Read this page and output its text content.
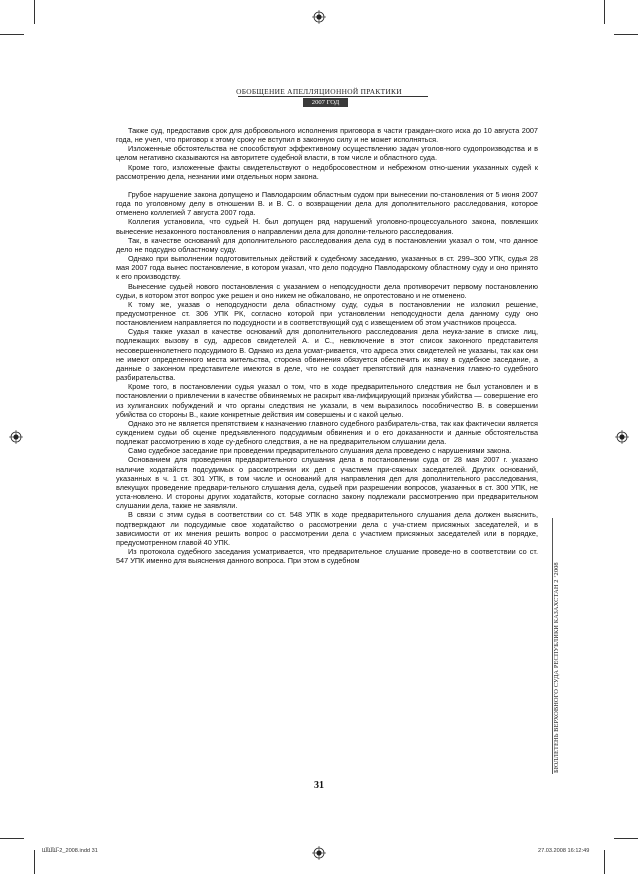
ОБОБЩЕНИЕ АПЕЛЛЯЦИОННОЙ ПРАКТИКИ
2007 ГОД

Также суд, предоставив срок для добровольного исполнения приговора в части граждан-ского иска до 10 августа 2007 года, не учел, что приговор к этому сроку не вступил в законную силу и не может исполняться.

Изложенные обстоятельства не способствуют эффективному осуществлению задач уголов-ного судопроизводства и в целом негативно сказываются на авторитете судебной власти, в том числе и областного суда.

Кроме того, изложенные факты свидетельствуют о недобросовестном и небрежном отно-шении указанных судей к рассмотрению дела, незнании ими отдельных норм закона.

Грубое нарушение закона допущено и Павлодарским областным судом при вынесении по-становления от 5 июня 2007 года по уголовному делу в отношении В. и В. С. о возвращении дела для дополнительного расследования, которое отменено коллегией 7 августа 2007 года.

Коллегия установила, что судьей Н. был допущен ряд нарушений уголовно-процессуального закона, повлекших вынесение незаконного постановления о направлении дела для дополни-тельного расследования.

Так, в качестве оснований для дополнительного расследования дела суд в постановлении указал о том, что данное дело не подсудно областному суду.

Однако при выполнении подготовительных действий к судебному заседанию, указанных в ст. 299–300 УПК, судья 28 мая 2007 года вынес постановление, в котором указал, что дело подсудно Павлодарскому областному суду и оно принято к его производству.

Вынесение судьей нового постановления с указанием о неподсудности дела противоречит первому постановлению судьи, в котором этот вопрос уже решен и оно никем не обжаловано, не опротестовано и не отменено.

К тому же, указав о неподсудности дела областному суду, судья в постановлении не изложил решение, предусмотренное ст. 306 УПК РК, согласно которой при установлении неподсудности дела данному суду оно постановлением направляется по подсудности и в соответствующий суд с извещением об этом участников процесса.

Судья также указал в качестве оснований для дополнительного расследования дела неука-зание в списке лиц, подлежащих вызову в суд, адресов свидетелей А. и С., невключение в этот список законного представителя несовершеннолетнего подсудимого В. Однако из дела усмат-ривается, что адреса этих свидетелей не указаны, так как они не имеют определенного места жительства, сторона обвинения обязуется обеспечить их явку в судебное заседание, а данные о законном представителе имеются в деле, что не создает препятствий для назначения главно-го судебного разбирательства.

Кроме того, в постановлении судья указал о том, что в ходе предварительного следствия не был установлен и в постановлении о привлечении в качестве обвиняемых не раскрыт ква-лифицирующий признак убийства — совершение его из хулиганских побуждений и что органы следствия не указали, в чем выразилось пособничество В. в совершении убийства со стороны В., какие конкретные действия им совершены и с какой целью.

Однако это не является препятствием к назначению главного судебного разбиратель-ства, так как фактически является суждением судьи об оценке предъявленного подсудимым обвинения и о его доказанности и данные обстоятельства подлежат рассмотрению в ходе су-дебного следствия, а не на предварительном слушании дела.

Само судебное заседание при проведении предварительного слушания дела проведено с нарушениями закона.

Основанием для проведения предварительного слушания дела в постановлении суда от 28 мая 2007 г. указано наличие ходатайств подсудимых о рассмотрении их дел с участием при-сяжных заседателей. Других оснований, указанных в ч. 1 ст. 301 УПК, в том числе и оснований для направления дел для дополнительного расследования, влекущих проведение предвари-тельного слушания дела, судьей при разрешении вопросов, указанных в ст. 300 УПК, не уста-новлено. И стороны других ходатайств, которые согласно закону подлежали рассмотрению при предварительном слушании дела, также не заявляли.

В связи с этим судья в соответствии со ст. 548 УПК в ходе предварительного слушания дела должен выяснить, подтверждают ли подсудимые свое ходатайство о рассмотрении дела с уча-стием присяжных заседателей, и в зависимости от их мнения решить вопрос о рассмотрении дела с участием присяжных заседателей или в порядке, предусмотренном главой 40 УПК.

Из протокола судебного заседания усматривается, что предварительное слушание проведе-но в соответствии со ст. 547 УПК именно для выяснения данного вопроса. При этом в судебном

БЮЛЛЕТЕНЬ ВЕРХОВНОГО СУДА РЕСПУБЛИКИ КАЗАХСТАН 2 ‘2008
31
Ш̅Ш̅Ш̅-2_2008.indd 31	27.03.2008 16:12:49
